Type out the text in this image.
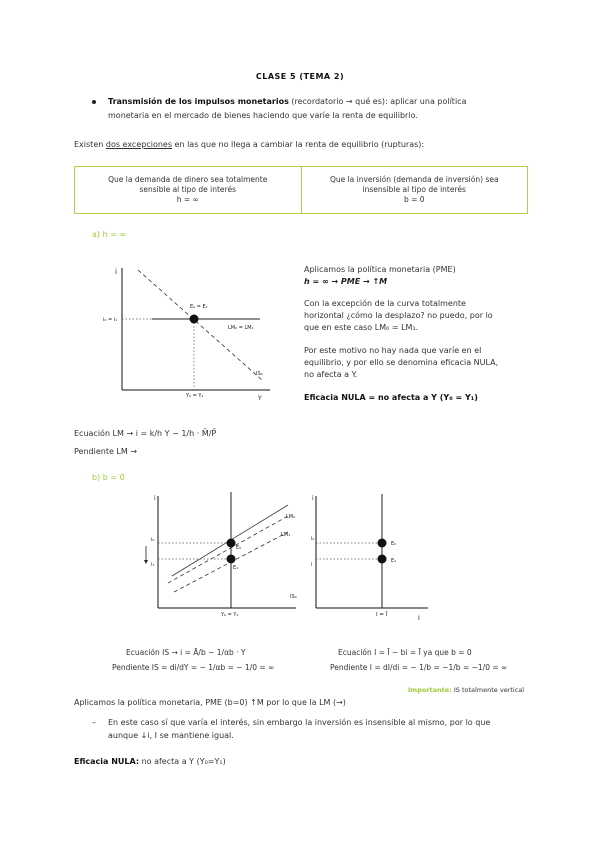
CLASE 5 (TEMA 2)
Transmisión de los impulsos monetarios (recordatorio → qué es): aplicar una política
monetaria en el mercado de bienes haciendo que varíe la renta de equilibrio.
Existen dos excepciones en las que no llega a cambiar la renta de equilibrio (rupturas):
Que la demanda de dinero sea totalmente
sensible al tipo de interés
h = ∞
Que la inversión (demanda de inversión) sea
insensible al tipo de interés
b = 0
a) h = ∞
i
Y
i₀ = i₁
E₀ = E₁
LM₀ = LM₁
IS₀
Y₀ = Y₁
Aplicamos la política monetaria (PME)
h = ∞ → PME → ↑M
Con la excepción de la curva totalmente
horizontal ¿cómo la desplazo? no puedo, por lo
que en este caso LM₀ = LM₁.
Por este motivo no hay nada que varíe en el
equilibrio, y por ello se denomina eficacia NULA,
no afecta a Y.
Eficacia NULA = no afecta a Y (Y₀ = Y₁)
Ecuación LM → i = k/h Y − 1/h · M̄/P̄
Pendiente LM →
b) b = 0
i
i₀
i₁
E₀
E₁
LM₀
LM₁
IS₀
Y₀ = Y₁
i
I
i₀
i
E₀
E₁
I = Ī
Ecuación IS → i = Ā/b − 1/αb · Y
Pendiente IS = di/dY = − 1/αb = − 1/0 = ∞
Ecuación I = Ī − bi = Ī ya que b = 0
Pendiente I = dI/di = − 1/b = −1/b = −1/0 = ∞
Importante: IS totalmente vertical
Aplicamos la política monetaria, PME (b=0) ↑M por lo que la LM (→)
– En este caso sí que varía el interés, sin embargo la inversión es insensible al mismo, por lo que
aunque ↓i, I se mantiene igual.
Eficacia NULA: no afecta a Y (Y₀=Y₁)
